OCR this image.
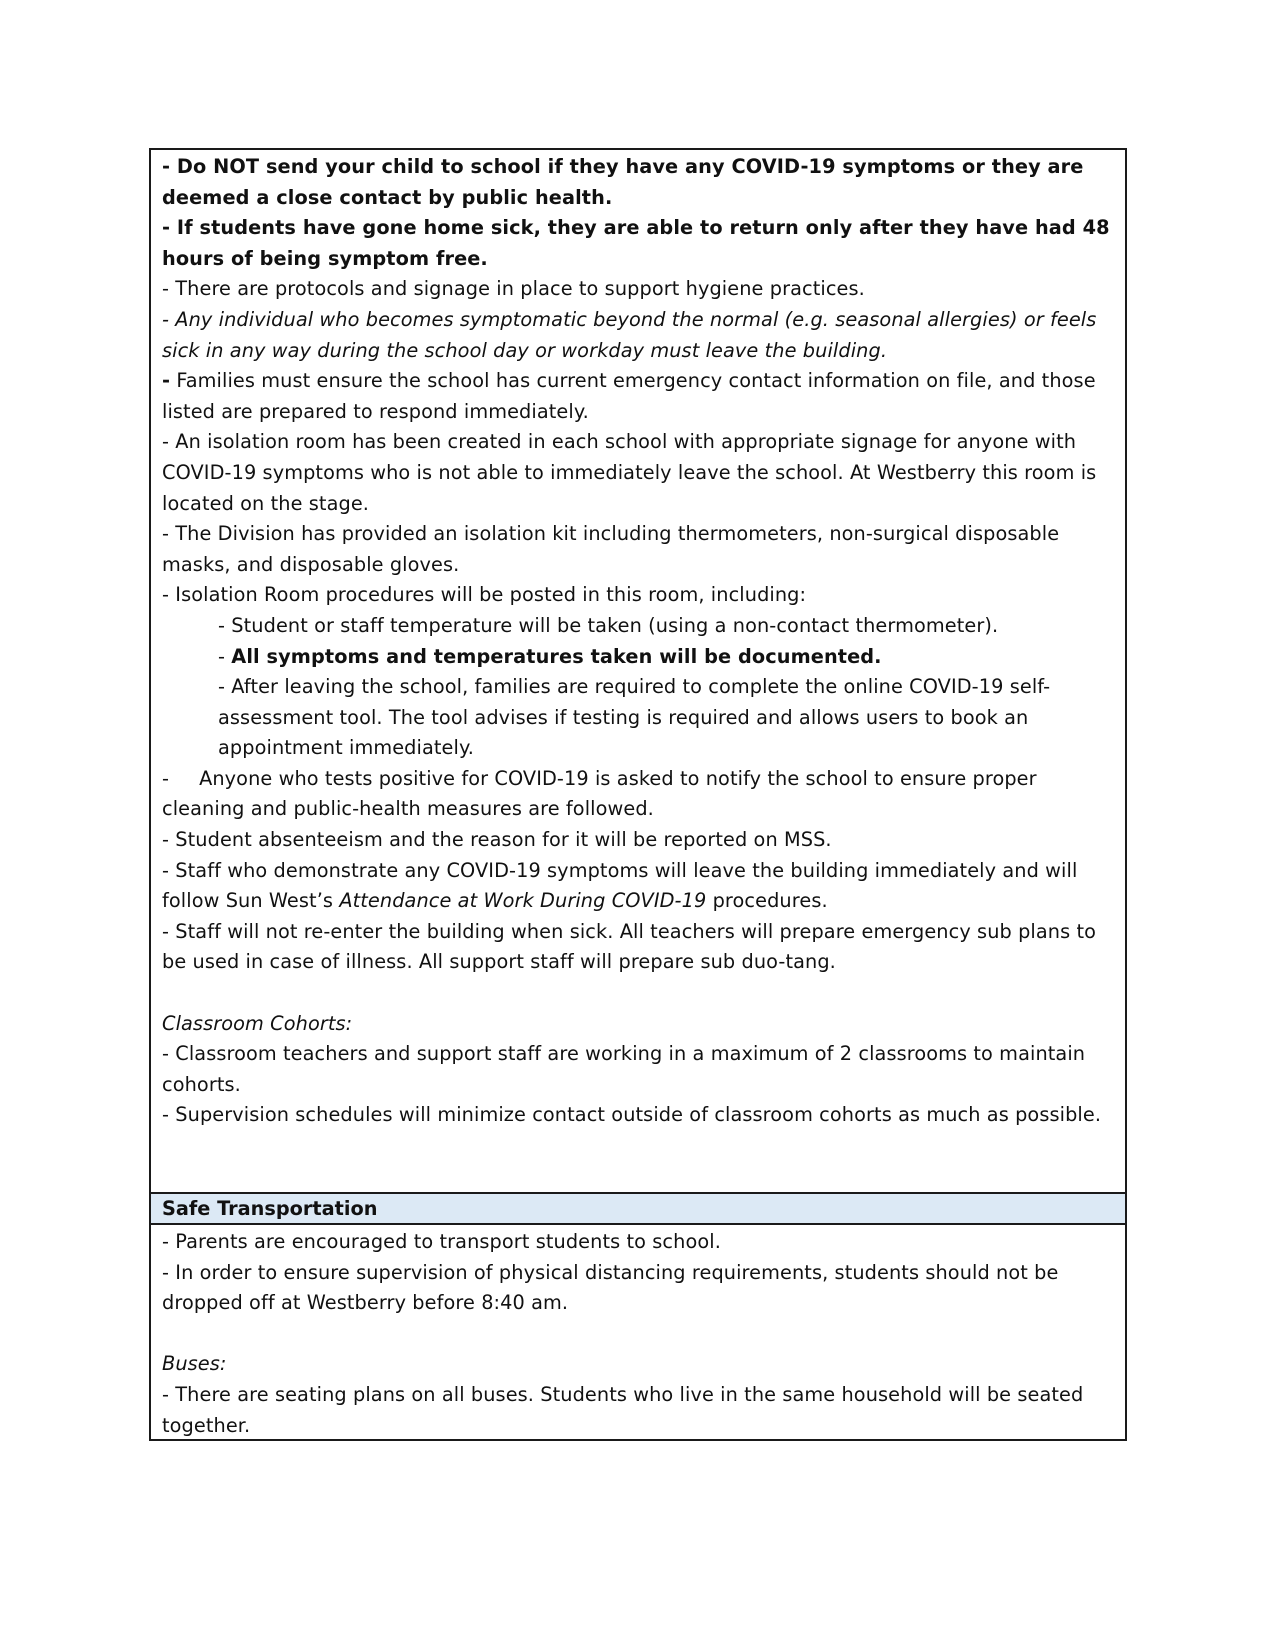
- Do NOT send your child to school if they have any COVID-19 symptoms or they are deemed a close contact by public health.

- If students have gone home sick, they are able to return only after they have had 48 hours of being symptom free.

- There are protocols and signage in place to support hygiene practices.

- Any individual who becomes symptomatic beyond the normal (e.g. seasonal allergies) or feels sick in any way during the school day or workday must leave the building.

- Families must ensure the school has current emergency contact information on file, and those listed are prepared to respond immediately.

- An isolation room has been created in each school with appropriate signage for anyone with COVID-19 symptoms who is not able to immediately leave the school. At Westberry this room is located on the stage.

- The Division has provided an isolation kit including thermometers, non-surgical disposable masks, and disposable gloves.

- Isolation Room procedures will be posted in this room, including:

- Student or staff temperature will be taken (using a non-contact thermometer).

- All symptoms and temperatures taken will be documented.

- After leaving the school, families are required to complete the online COVID-19 self-assessment tool. The tool advises if testing is required and allows users to book an appointment immediately.

- Anyone who tests positive for COVID-19 is asked to notify the school to ensure proper cleaning and public-health measures are followed.

- Student absenteeism and the reason for it will be reported on MSS.

- Staff who demonstrate any COVID-19 symptoms will leave the building immediately and will follow Sun West’s Attendance at Work During COVID-19 procedures.

- Staff will not re-enter the building when sick. All teachers will prepare emergency sub plans to be used in case of illness. All support staff will prepare sub duo-tang.

Classroom Cohorts:

- Classroom teachers and support staff are working in a maximum of 2 classrooms to maintain cohorts.

- Supervision schedules will minimize contact outside of classroom cohorts as much as possible.

Safe Transportation

- Parents are encouraged to transport students to school.

- In order to ensure supervision of physical distancing requirements, students should not be dropped off at Westberry before 8:40 am.

Buses:

- There are seating plans on all buses. Students who live in the same household will be seated together.
